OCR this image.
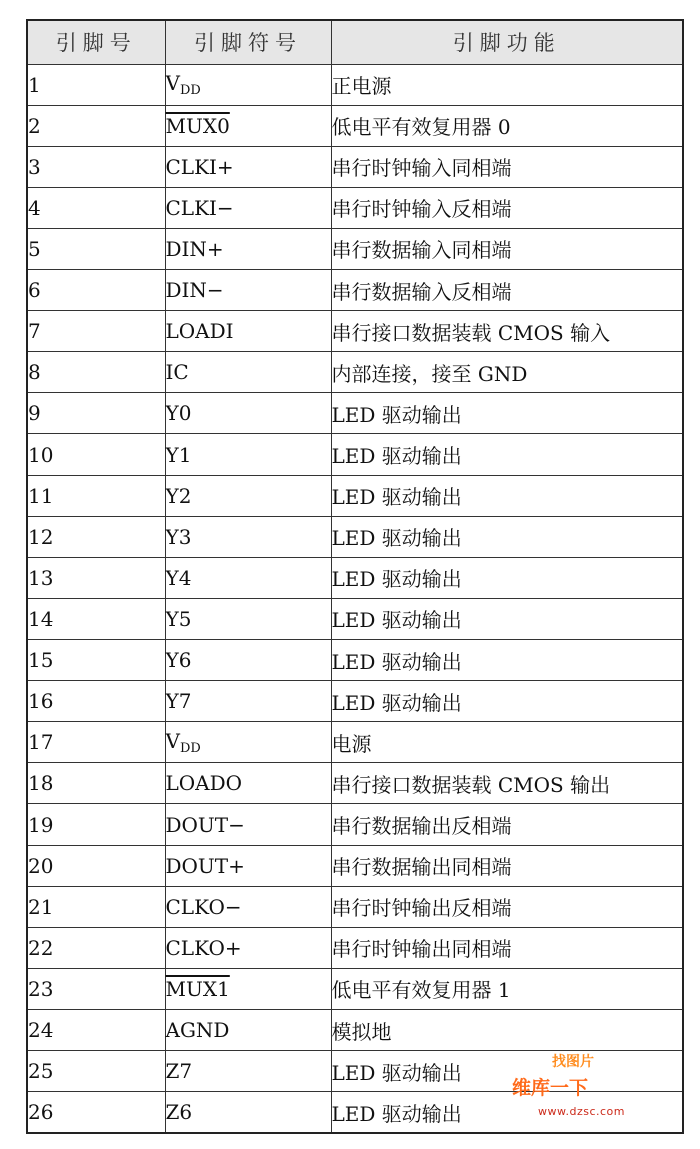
引脚号	引脚符号	引脚功能
1	$V_{DD}$	正电源
2	MUX0	低电平有效复用器 0
3	CLKI+	串行时钟输入同相端
4	CLKI−	串行时钟输入反相端
5	DIN+	串行数据输入同相端
6	DIN−	串行数据输入反相端
7	LOADI	串行接口数据装载 CMOS 输入
8	IC	内部连接，接至 GND
9	Y0	LED 驱动输出
10	Y1	LED 驱动输出
11	Y2	LED 驱动输出
12	Y3	LED 驱动输出
13	Y4	LED 驱动输出
14	Y5	LED 驱动输出
15	Y6	LED 驱动输出
16	Y7	LED 驱动输出
17	$V_{DD}$	电源
18	LOADO	串行接口数据装载 CMOS 输出
19	DOUT−	串行数据输出反相端
20	DOUT+	串行数据输出同相端
21	CLKO−	串行时钟输出反相端
22	CLKO+	串行时钟输出同相端
23	MUX1	低电平有效复用器 1
24	AGND	模拟地
25	Z7	LED 驱动输出
26	Z6	LED 驱动输出
找图片
维库一下
www.dzsc.com
